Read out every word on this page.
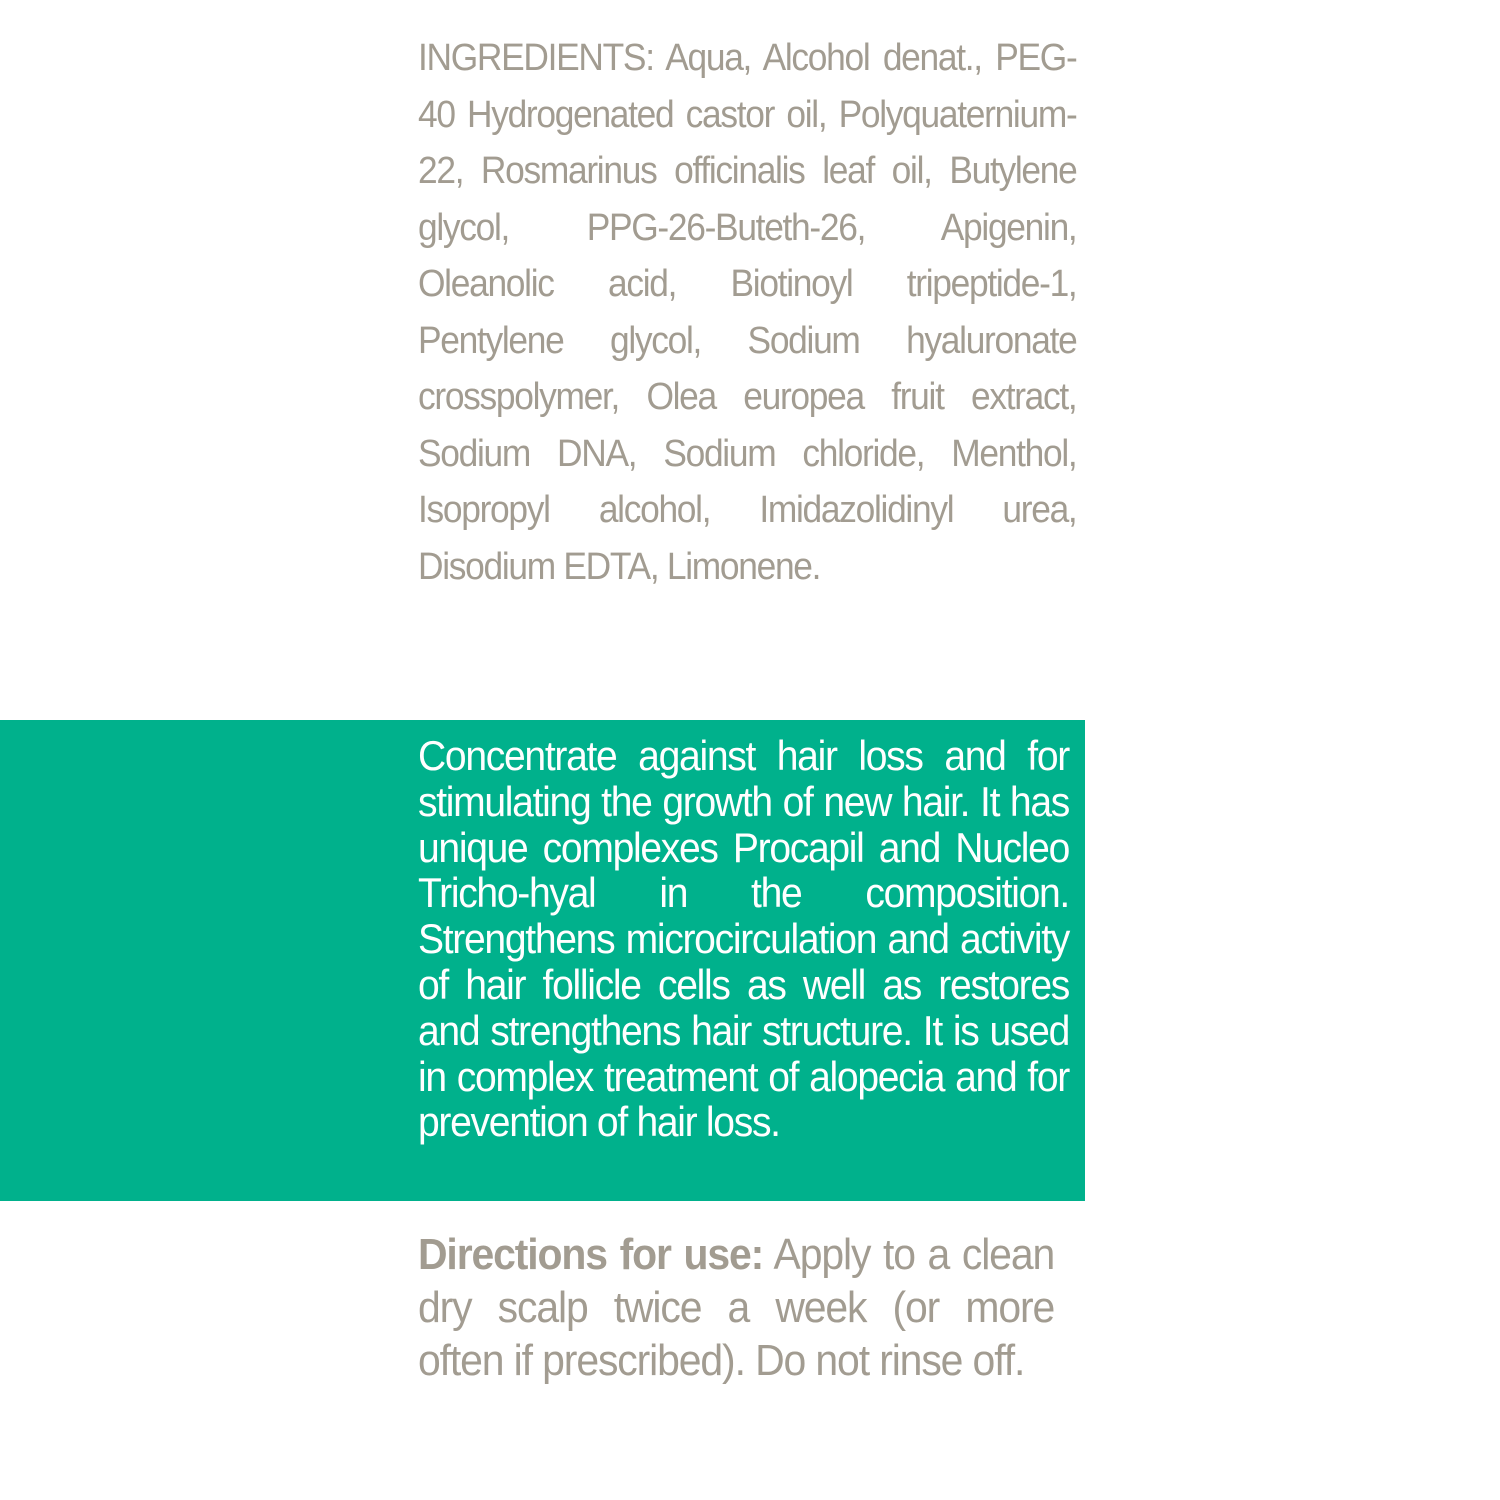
INGREDIENTS: Aqua, Alcohol denat., PEG-40 Hydrogenated castor oil, Polyquaternium-22, Rosmarinus officinalis leaf oil, Butylene glycol, PPG-26-Buteth-26, Apigenin, Oleanolic acid, Biotinoyl tripeptide-1, Pentylene glycol, Sodium hyaluronate crosspolymer, Olea europea fruit extract, Sodium DNA, Sodium chloride, Menthol, Isopropyl alcohol, Imidazolidinyl urea, Disodium EDTA, Limonene.
Concentrate against hair loss and for stimulating the growth of new hair. It has unique complexes Procapil and Nucleo Tricho-hyal in the composition. Strengthens microcirculation and activity of hair follicle cells as well as restores and strengthens hair structure. It is used in complex treatment of alopecia and for prevention of hair loss.
Directions for use: Apply to a clean dry scalp twice a week (or more often if prescribed). Do not rinse off.
